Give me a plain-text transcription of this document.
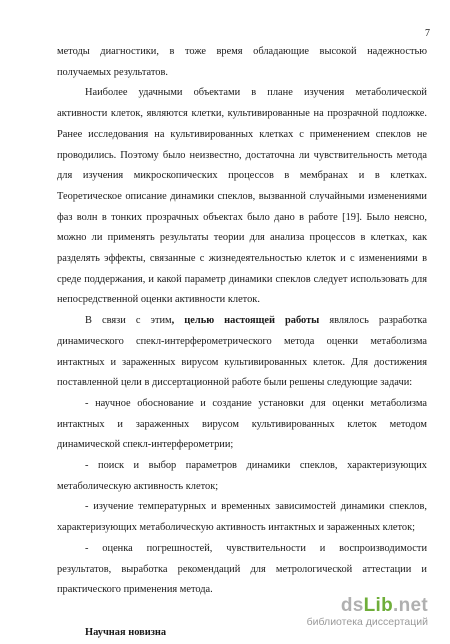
7

методы диагностики, в тоже время обладающие высокой надежностью получаемых результатов.

Наиболее удачными объектами в плане изучения метаболической активности клеток, являются клетки, культивированные на прозрачной подложке. Ранее исследования на культивированных клетках с применением спеклов не проводились. Поэтому было неизвестно, достаточна ли чувствительность метода для изучения микроскопических процессов в мембранах и в клетках. Теоретическое описание динамики спеклов, вызванной случайными изменениями фаз волн в тонких прозрачных объектах было дано в работе [19]. Было неясно, можно ли применять результаты теории для анализа процессов в клетках, как разделять эффекты, связанные с жизнедеятельностью клеток и с изменениями в среде поддержания, и какой параметр динамики спеклов следует использовать для непосредственной оценки активности клеток.

В связи с этим, целью настоящей работы являлось разработка динамического спекл-интерферометрического метода оценки метаболизма интактных и зараженных вирусом культивированных клеток. Для достижения поставленной цели в диссертационной работе были решены следующие задачи:

- научное обоснование и создание установки для оценки метаболизма интактных и зараженных вирусом культивированных клеток методом динамической спекл-интерферометрии;

- поиск и выбор параметров динамики спеклов, характеризующих метаболическую активность клеток;

- изучение температурных и временных зависимостей динамики спеклов, характеризующих метаболическую активность интактных и зараженных клеток;

- оценка погрешностей, чувствительности и воспроизводимости результатов, выработка рекомендаций для метрологической аттестации и практического применения метода.

Научная новизна

dsLib.net
библиотека диссертаций
